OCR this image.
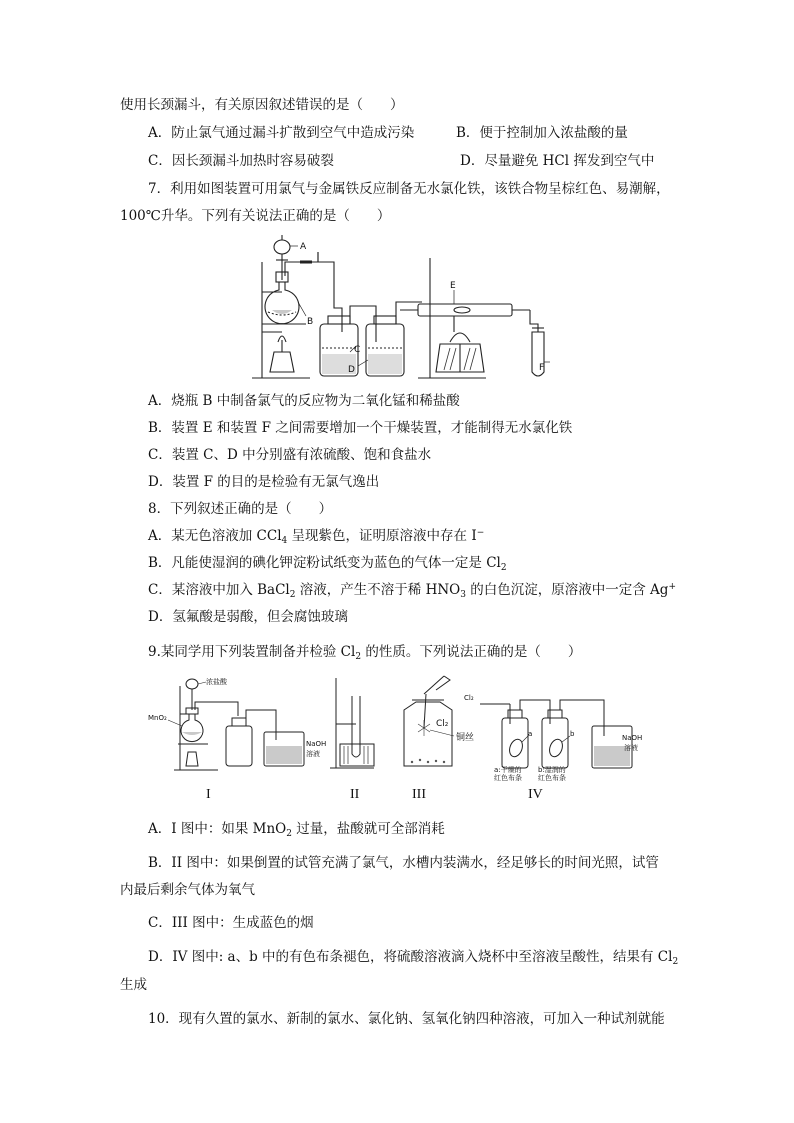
使用长颈漏斗，有关原因叙述错误的是（　　）
A．防止氯气通过漏斗扩散到空气中造成污染	B．便于控制加入浓盐酸的量
C．因长颈漏斗加热时容易破裂	D．尽量避免 HCl 挥发到空气中
7．利用如图装置可用氯气与金属铁反应制备无水氯化铁，该铁合物呈棕红色、易潮解，
100℃升华。下列有关说法正确的是（　　）
A
B
C
D
E
F
A．烧瓶 B 中制备氯气的反应物为二氧化锰和稀盐酸
B．装置 E 和装置 F 之间需要增加一个干燥装置，才能制得无水氯化铁
C．装置 C、D 中分别盛有浓硫酸、饱和食盐水
D．装置 F 的目的是检验有无氯气逸出
8．下列叙述正确的是（　　）
A．某无色溶液加 CCl$_4$ 呈现紫色，证明原溶液中存在 I−
B．凡能使湿润的碘化钾淀粉试纸变为蓝色的气体一定是 $Cl_2$
C．某溶液中加入 BaCl$_2$ 溶液，产生不溶于稀 $HNO_3$ 的白色沉淀，原溶液中一定含 Ag+
D．氢氟酸是弱酸，但会腐蚀玻璃
9.某同学用下列装置制备并检验 $Cl_2$ 的性质。下列说法正确的是（　　）
浓盐酸
MnO₂
NaOH
溶液
Cl₂
铜丝
Cl₂
a	b
a:干燥的
红色布条
b:湿润的
红色布条
NaOH
溶液
I	II	III	IV
A．I 图中：如果 MnO$_2$ 过量，盐酸就可全部消耗
B．II 图中：如果倒置的试管充满了氯气，水槽内装满水，经足够长的时间光照，试管
内最后剩余气体为氧气
C．III 图中：生成蓝色的烟
D．IV 图中: a、b 中的有色布条褪色，将硫酸溶液滴入烧杯中至溶液呈酸性，结果有 $Cl_2$
生成
10．现有久置的氯水、新制的氯水、氯化钠、氢氧化钠四种溶液，可加入一种试剂就能
